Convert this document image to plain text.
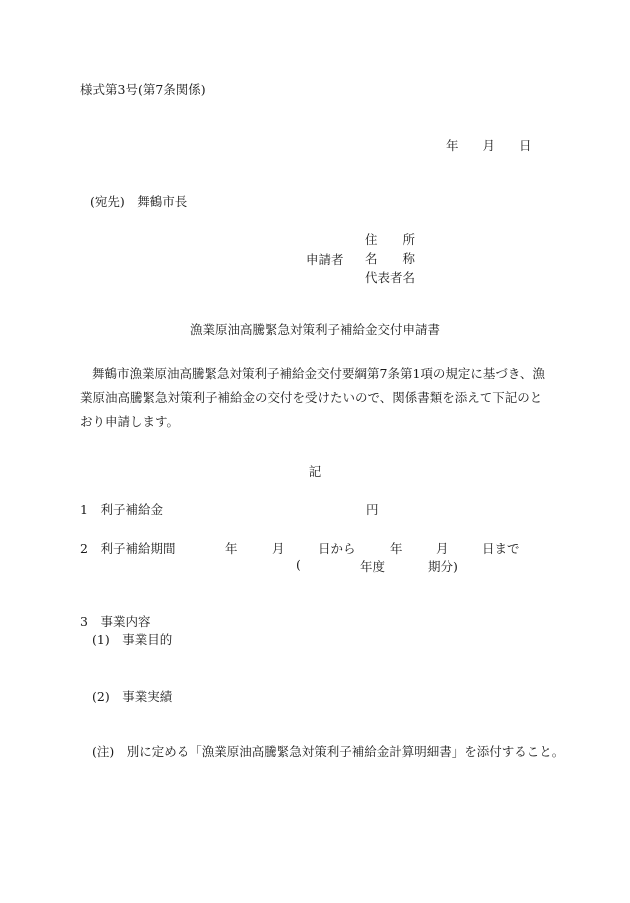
様式第3号(第7条関係)
年 月 日
(宛先)　舞鶴市長
申請者
住　　所
名　　称
代表者名
漁業原油高騰緊急対策利子補給金交付申請書
舞鶴市漁業原油高騰緊急対策利子補給金交付要綱第7条第1項の規定に基づき、漁業原油高騰緊急対策利子補給金の交付を受けたいので、関係書類を添えて下記のとおり申請します。
記
1　利子補給金	円
2　利子補給期間	年	月	日から	年	月	日まで
(	年度	期分)
3　事業内容
(1)　事業目的
(2)　事業実績
(注)　別に定める「漁業原油高騰緊急対策利子補給金計算明細書」を添付すること。
